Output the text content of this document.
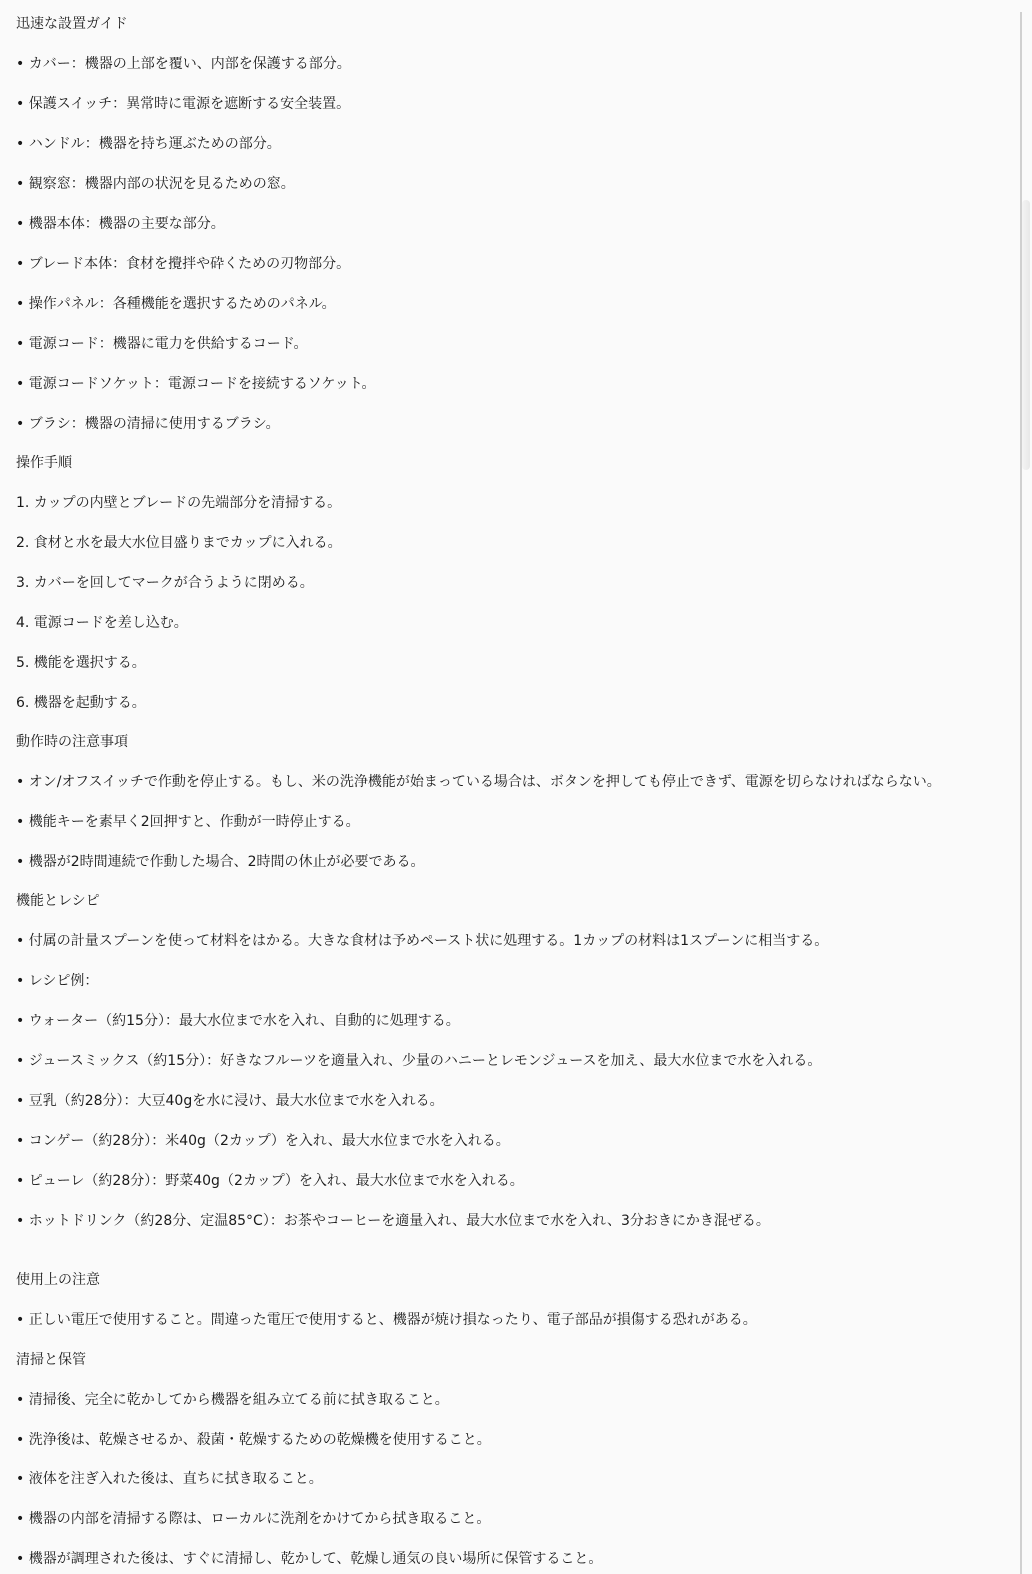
迅速な設置ガイド
• カバー：機器の上部を覆い、内部を保護する部分。
• 保護スイッチ：異常時に電源を遮断する安全装置。
• ハンドル：機器を持ち運ぶための部分。
• 観察窓：機器内部の状況を見るための窓。
• 機器本体：機器の主要な部分。
• ブレード本体：食材を攪拌や砕くための刃物部分。
• 操作パネル：各種機能を選択するためのパネル。
• 電源コード：機器に電力を供給するコード。
• 電源コードソケット：電源コードを接続するソケット。
• ブラシ：機器の清掃に使用するブラシ。
操作手順
1. カップの内壁とブレードの先端部分を清掃する。
2. 食材と水を最大水位目盛りまでカップに入れる。
3. カバーを回してマークが合うように閉める。
4. 電源コードを差し込む。
5. 機能を選択する。
6. 機器を起動する。
動作時の注意事項
• オン/オフスイッチで作動を停止する。もし、米の洗浄機能が始まっている場合は、ボタンを押しても停止できず、電源を切らなければならない。
• 機能キーを素早く2回押すと、作動が一時停止する。
• 機器が2時間連続で作動した場合、2時間の休止が必要である。
機能とレシピ
• 付属の計量スプーンを使って材料をはかる。大きな食材は予めペースト状に処理する。1カップの材料は1スプーンに相当する。
• レシピ例：
• ウォーター（約15分）：最大水位まで水を入れ、自動的に処理する。
• ジュースミックス（約15分）：好きなフルーツを適量入れ、少量のハニーとレモンジュースを加え、最大水位まで水を入れる。
• 豆乳（約28分）：大豆40gを水に浸け、最大水位まで水を入れる。
• コンゲー（約28分）：米40g（2カップ）を入れ、最大水位まで水を入れる。
• ピューレ（約28分）：野菜40g（2カップ）を入れ、最大水位まで水を入れる。
• ホットドリンク（約28分、定温85°C）：お茶やコーヒーを適量入れ、最大水位まで水を入れ、3分おきにかき混ぜる。
使用上の注意
• 正しい電圧で使用すること。間違った電圧で使用すると、機器が焼け損なったり、電子部品が損傷する恐れがある。
清掃と保管
• 清掃後、完全に乾かしてから機器を組み立てる前に拭き取ること。
• 洗浄後は、乾燥させるか、殺菌・乾燥するための乾燥機を使用すること。
• 液体を注ぎ入れた後は、直ちに拭き取ること。
• 機器の内部を清掃する際は、ローカルに洗剤をかけてから拭き取ること。
• 機器が調理された後は、すぐに清掃し、乾かして、乾燥し通気の良い場所に保管すること。
